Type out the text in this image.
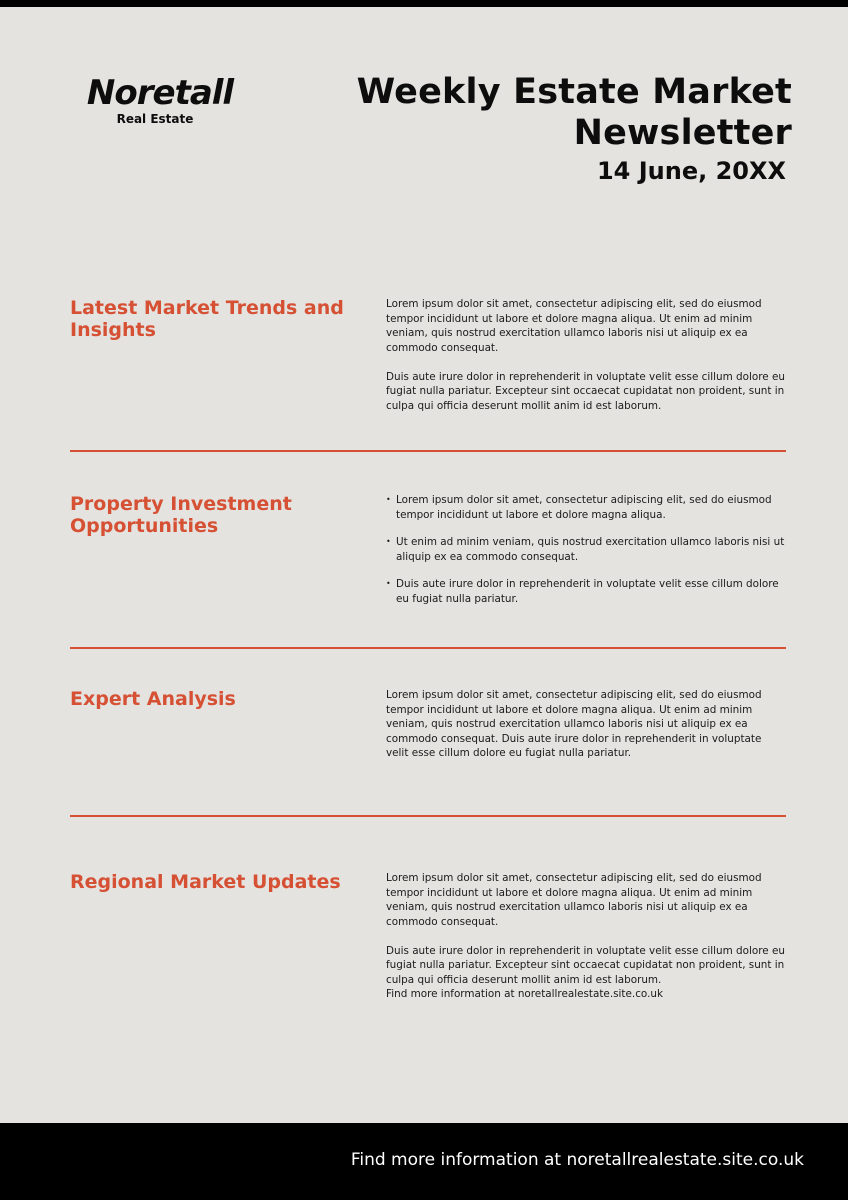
Noretall
Real Estate
Weekly Estate Market Newsletter
14 June, 20XX
Latest Market Trends and Insights

Lorem ipsum dolor sit amet, consectetur adipiscing elit, sed do eiusmod tempor incididunt ut labore et dolore magna aliqua. Ut enim ad minim veniam, quis nostrud exercitation ullamco laboris nisi ut aliquip ex ea commodo consequat.

Duis aute irure dolor in reprehenderit in voluptate velit esse cillum dolore eu fugiat nulla pariatur. Excepteur sint occaecat cupidatat non proident, sunt in culpa qui officia deserunt mollit anim id est laborum.

Property Investment Opportunities
• Lorem ipsum dolor sit amet, consectetur adipiscing elit, sed do eiusmod tempor incididunt ut labore et dolore magna aliqua.
• Ut enim ad minim veniam, quis nostrud exercitation ullamco laboris nisi ut aliquip ex ea commodo consequat.
• Duis aute irure dolor in reprehenderit in voluptate velit esse cillum dolore eu fugiat nulla pariatur.
Expert Analysis	Lorem ipsum dolor sit amet, consectetur adipiscing elit, sed do eiusmod tempor incididunt ut labore et dolore magna aliqua. Ut enim ad minim veniam, quis nostrud exercitation ullamco laboris nisi ut aliquip ex ea commodo consequat. Duis aute irure dolor in reprehenderit in voluptate velit esse cillum dolore eu fugiat nulla pariatur.

Regional Market Updates	Lorem ipsum dolor sit amet, consectetur adipiscing elit, sed do eiusmod tempor incididunt ut labore et dolore magna aliqua. Ut enim ad minim veniam, quis nostrud exercitation ullamco laboris nisi ut aliquip ex ea commodo consequat.

Duis aute irure dolor in reprehenderit in voluptate velit esse cillum dolore eu fugiat nulla pariatur. Excepteur sint occaecat cupidatat non proident, sunt in culpa qui officia deserunt mollit anim id est laborum.

Find more information at noretallrealestate.site.co.uk

Find more information at noretallrealestate.site.co.uk
